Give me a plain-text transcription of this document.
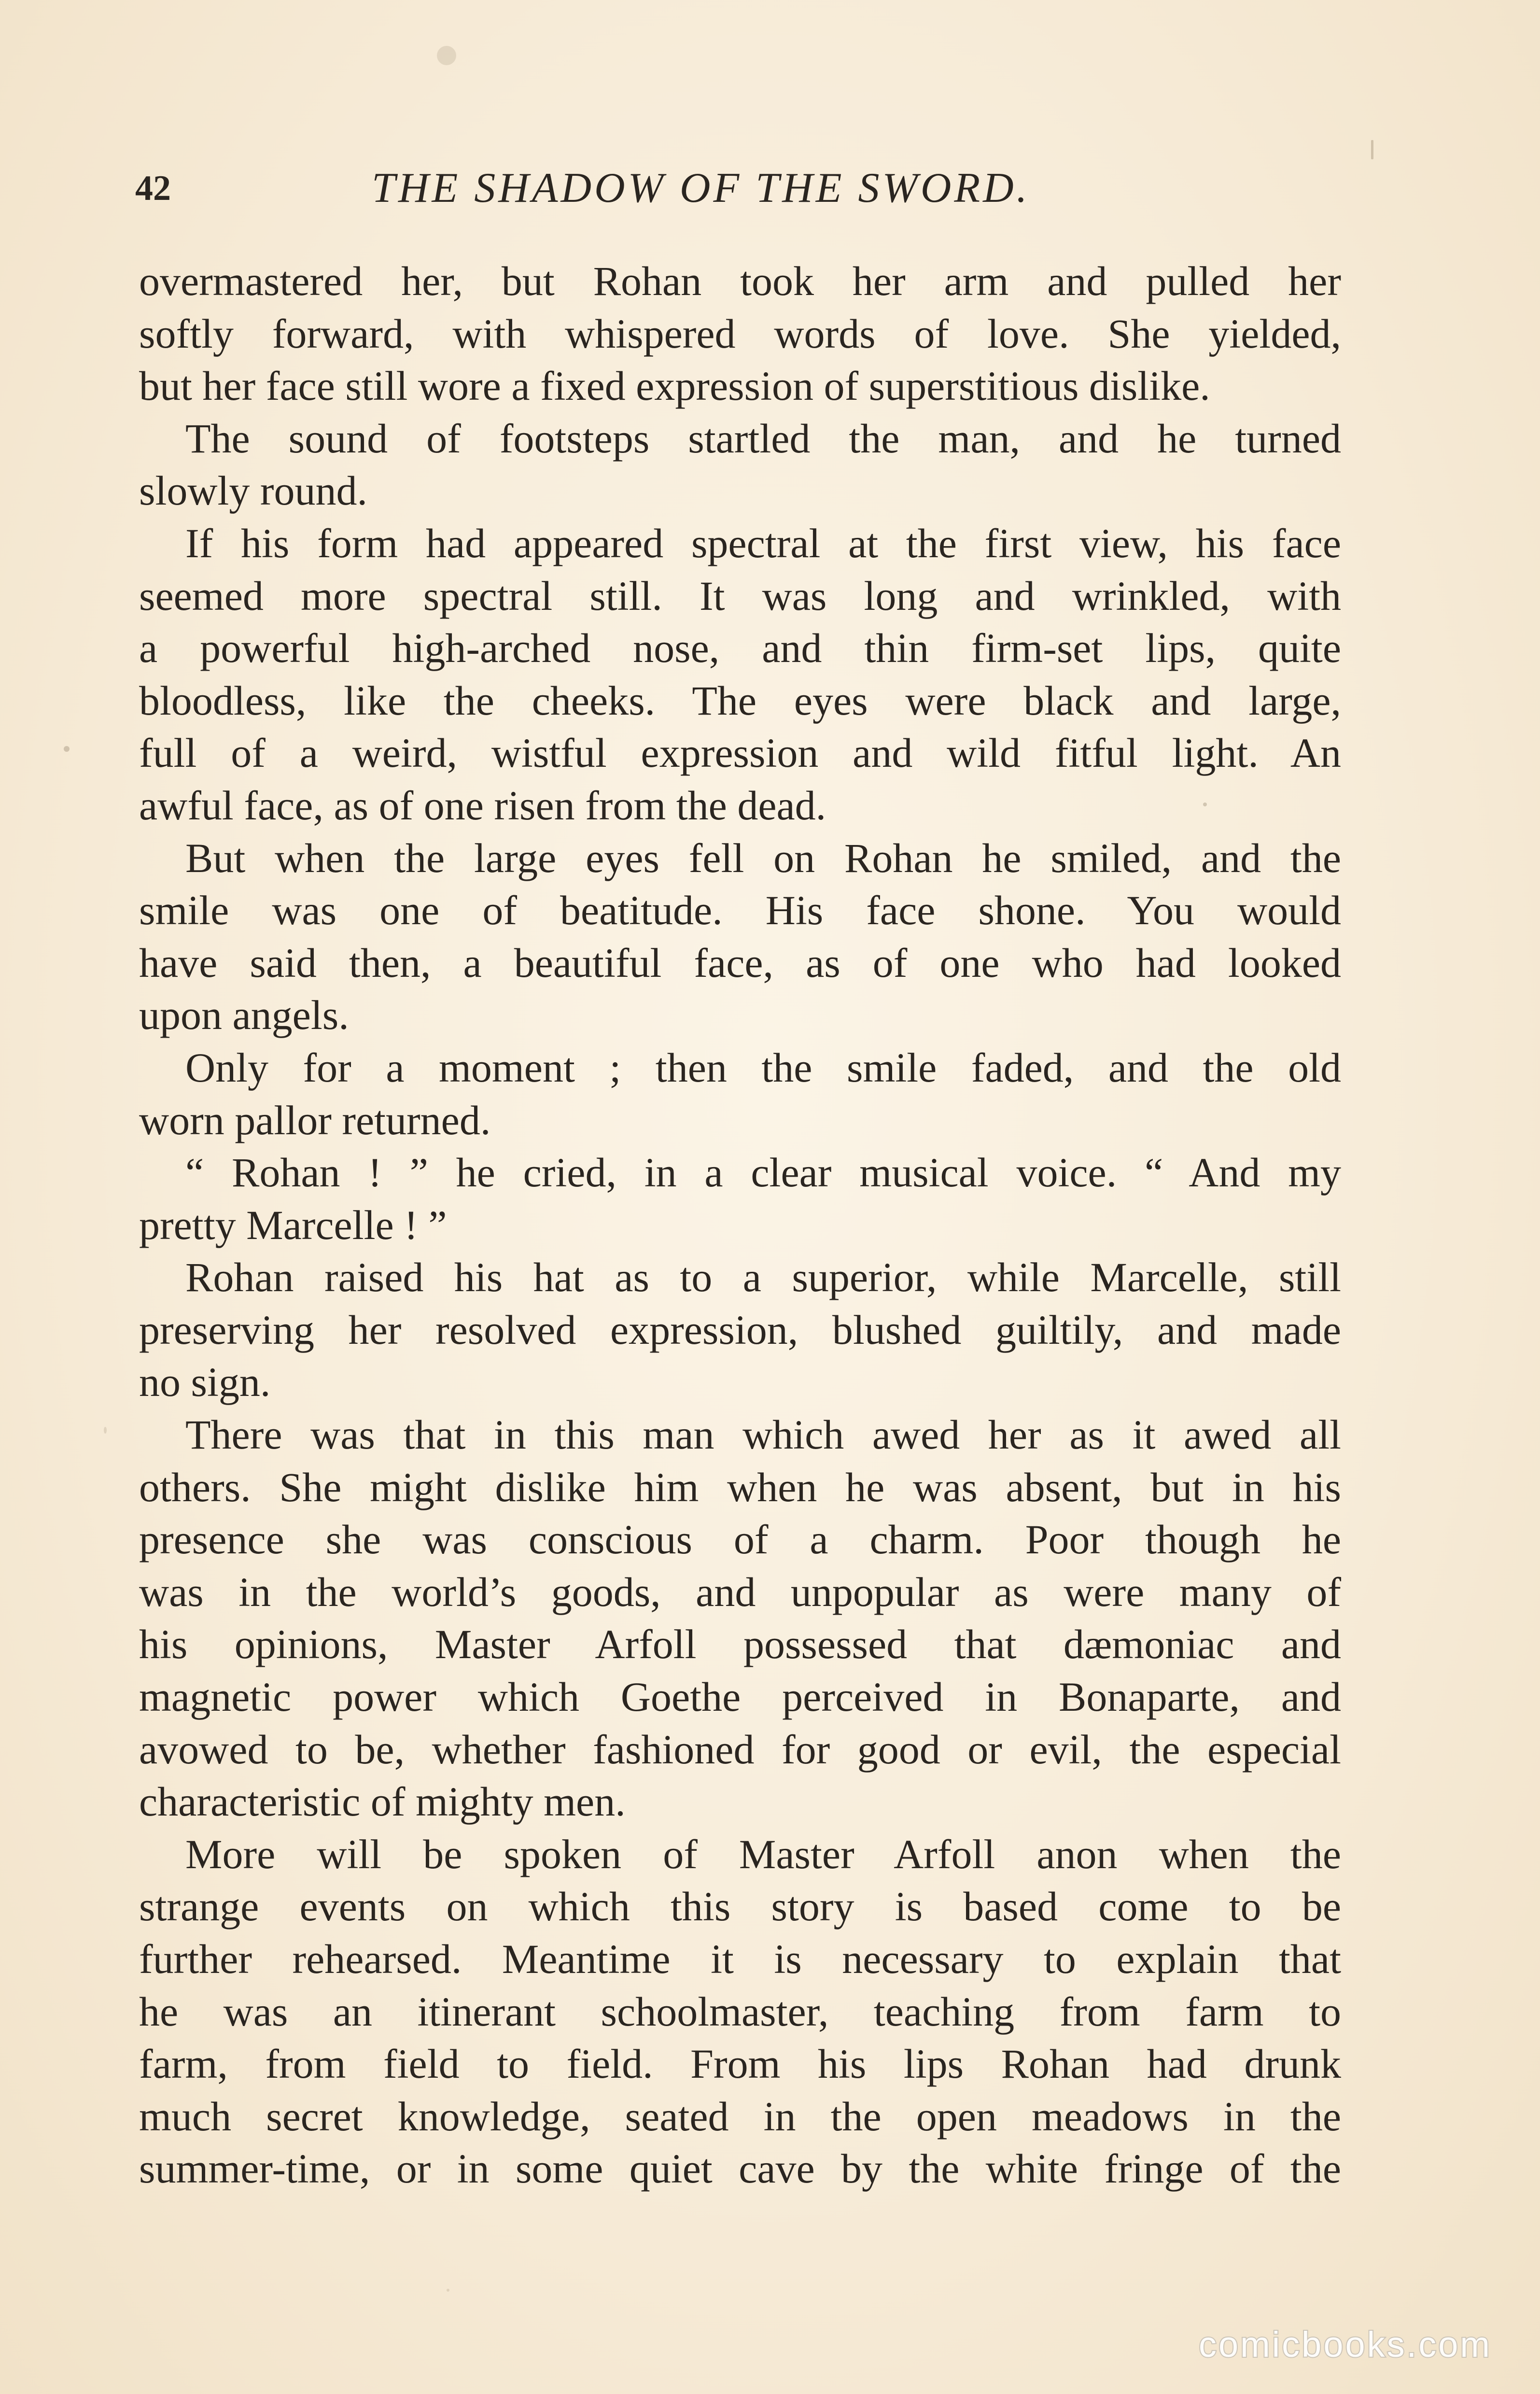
42	THE SHADOW OF THE SWORD.
overmastered her, but Rohan took her arm and pulled her
softly forward, with whispered words of love. She yielded,
but her face still wore a fixed expression of superstitious dislike.
The sound of footsteps startled the man, and he turned
slowly round.
If his form had appeared spectral at the first view, his face
seemed more spectral still. It was long and wrinkled, with
a powerful high-arched nose, and thin firm-set lips, quite
bloodless, like the cheeks. The eyes were black and large,
full of a weird, wistful expression and wild fitful light. An
awful face, as of one risen from the dead.
But when the large eyes fell on Rohan he smiled, and the
smile was one of beatitude. His face shone. You would
have said then, a beautiful face, as of one who had looked
upon angels.
Only for a moment ; then the smile faded, and the old
worn pallor returned.
“ Rohan ! ” he cried, in a clear musical voice. “ And my
pretty Marcelle ! ”
Rohan raised his hat as to a superior, while Marcelle, still
preserving her resolved expression, blushed guiltily, and made
no sign.
There was that in this man which awed her as it awed all
others. She might dislike him when he was absent, but in his
presence she was conscious of a charm. Poor though he
was in the world’s goods, and unpopular as were many of
his opinions, Master Arfoll possessed that dæmoniac and
magnetic power which Goethe perceived in Bonaparte, and
avowed to be, whether fashioned for good or evil, the especial
characteristic of mighty men.
More will be spoken of Master Arfoll anon when the
strange events on which this story is based come to be
further rehearsed. Meantime it is necessary to explain that
he was an itinerant schoolmaster, teaching from farm to
farm, from field to field. From his lips Rohan had drunk
much secret knowledge, seated in the open meadows in the
summer-time, or in some quiet cave by the white fringe of the
comicbooks.com
